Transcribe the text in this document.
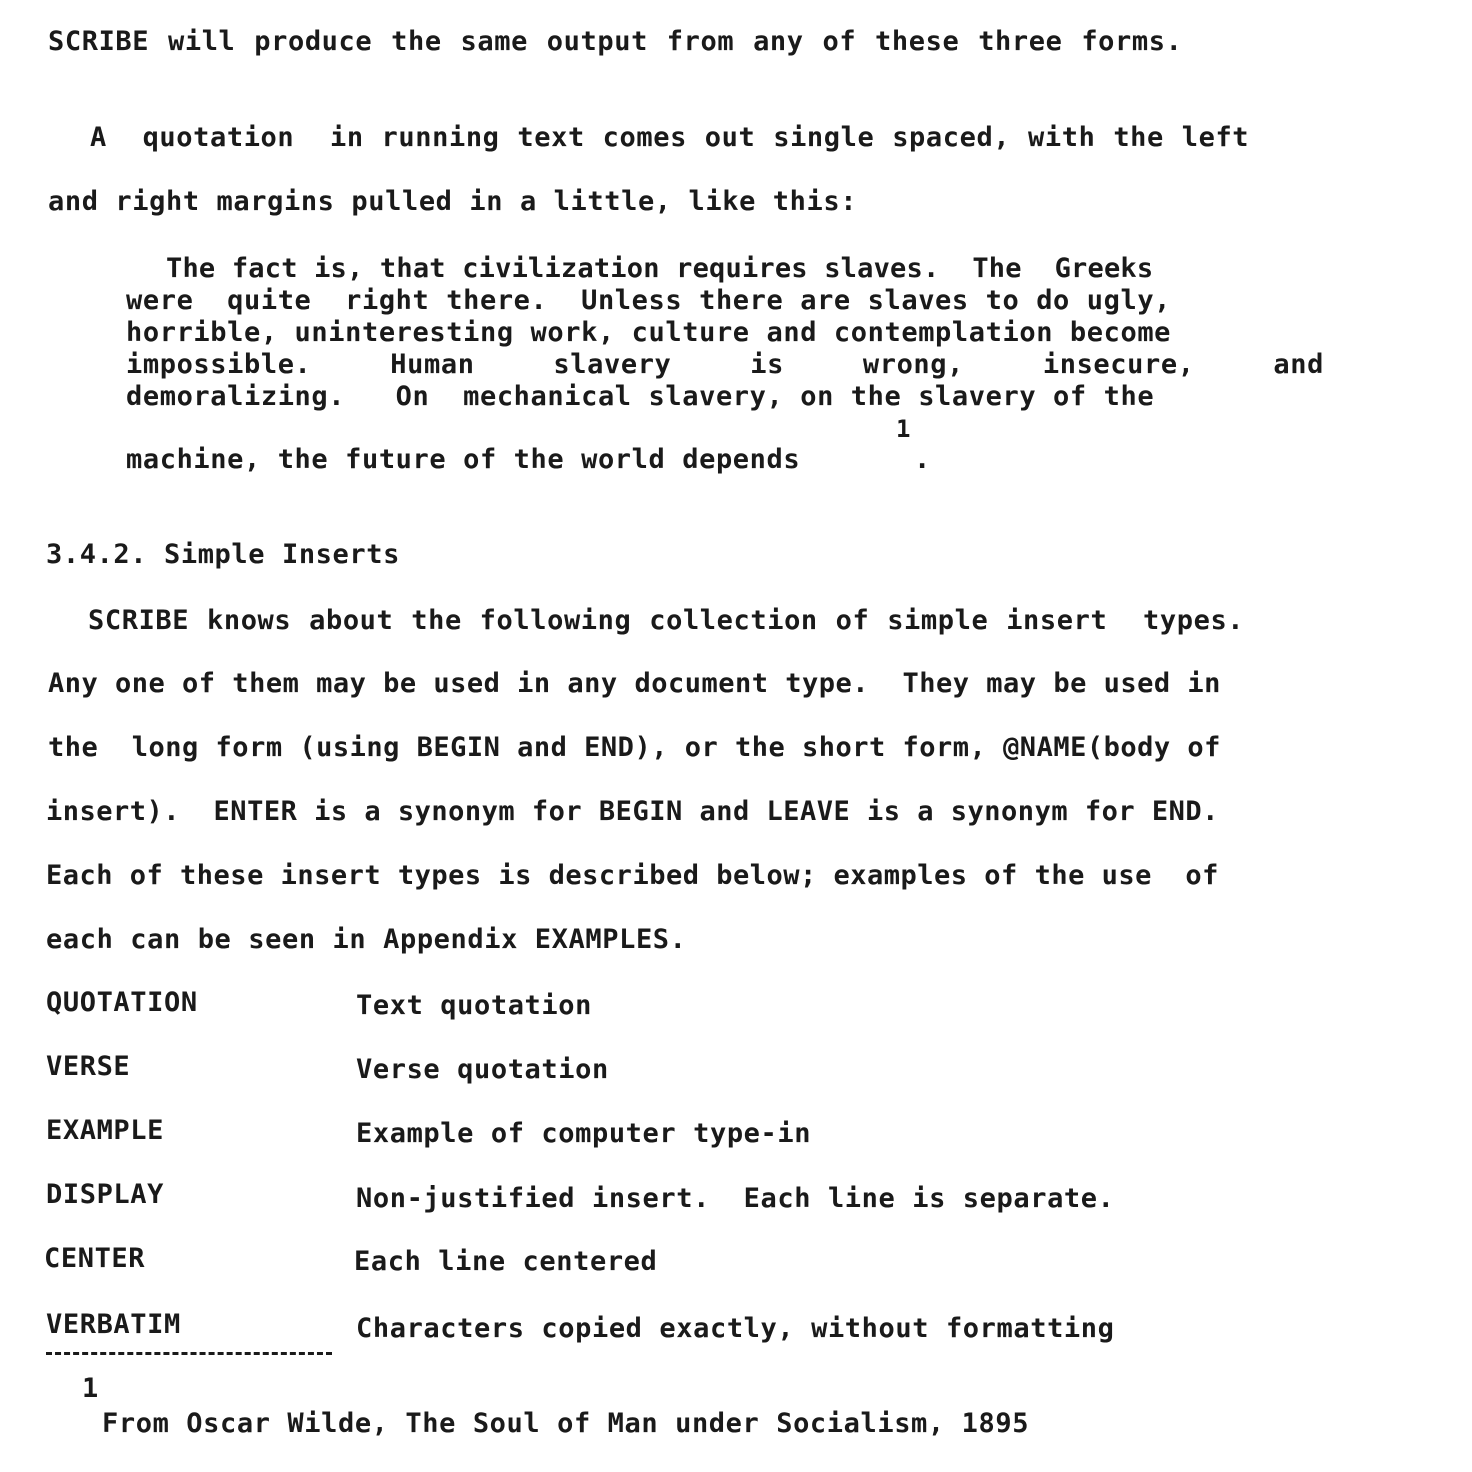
SCRIBE will produce the same output from any of these three forms.
A  quotation  in running text comes out single spaced, with the left
and right margins pulled in a little, like this:
The fact is, that civilization requires slaves.  The  Greeks
were  quite  right there.  Unless there are slaves to do ugly,
horrible, uninteresting work, culture and contemplation become
impossible.	Human	slavery	is	wrong,	insecure,	and
demoralizing.   On  mechanical slavery, on the slavery of the
1
machine, the future of the world depends	.
3.4.2. Simple Inserts
SCRIBE knows about the following collection of simple insert  types.
Any one of them may be used in any document type.  They may be used in
the  long form (using BEGIN and END), or the short form, @NAME(body of
insert).  ENTER is a synonym for BEGIN and LEAVE is a synonym for END.
Each of these insert types is described below; examples of the use  of
each can be seen in Appendix EXAMPLES.
QUOTATION	Text quotation
VERSE	Verse quotation
EXAMPLE	Example of computer type-in
DISPLAY	Non-justified insert.  Each line is separate.
CENTER	Each line centered
VERBATIM	Characters copied exactly, without formatting
1
From Oscar Wilde, The Soul of Man under Socialism, 1895
